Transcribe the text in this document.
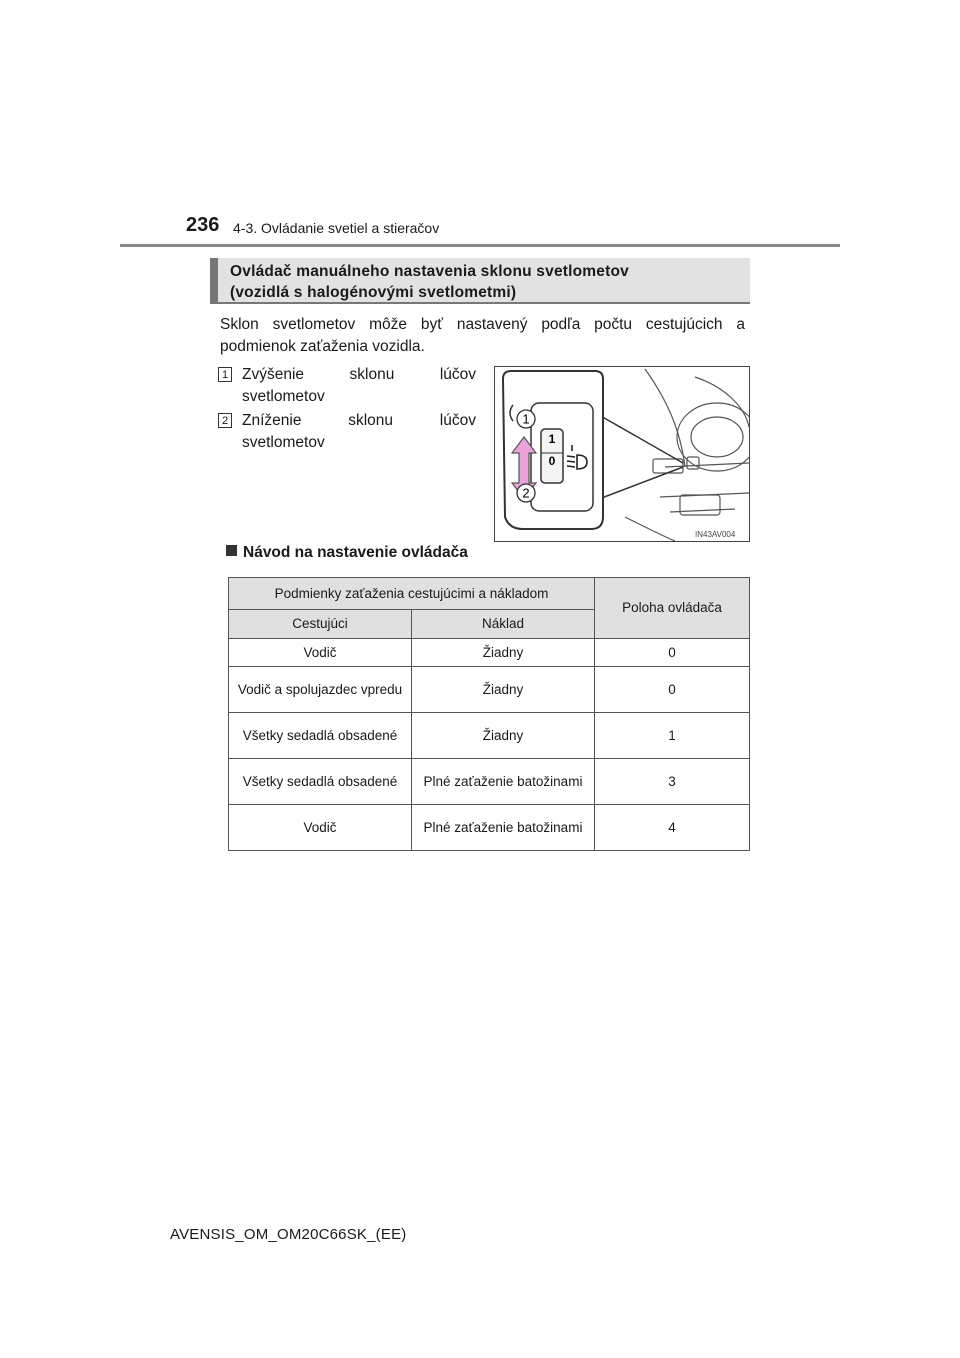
236 4-3. Ovládanie svetiel a stieračov
Ovládač manuálneho nastavenia sklonu svetlometov
(vozidlá s halogénovými svetlometmi)
Sklon svetlometov môže byť nastavený podľa počtu cestujúcich a podmienok zaťaženia vozidla.
1 Zvýšenie sklonu lúčov svetlometov
2 Zníženie sklonu lúčov svetlometov	1
0
1
2
IN43AV004
Návod na nastavenie ovládača
Podmienky zaťaženia cestujúcimi a nákladom		Poloha ovládača
Cestujúci	Náklad	
Vodič	Žiadny	0
Vodič a spolujazdec vpredu	Žiadny	0
Všetky sedadlá obsadené	Žiadny	1
Všetky sedadlá obsadené	Plné zaťaženie batožinami	3
Vodič	Plné zaťaženie batožinami	4
AVENSIS_OM_OM20C66SK_(EE)
